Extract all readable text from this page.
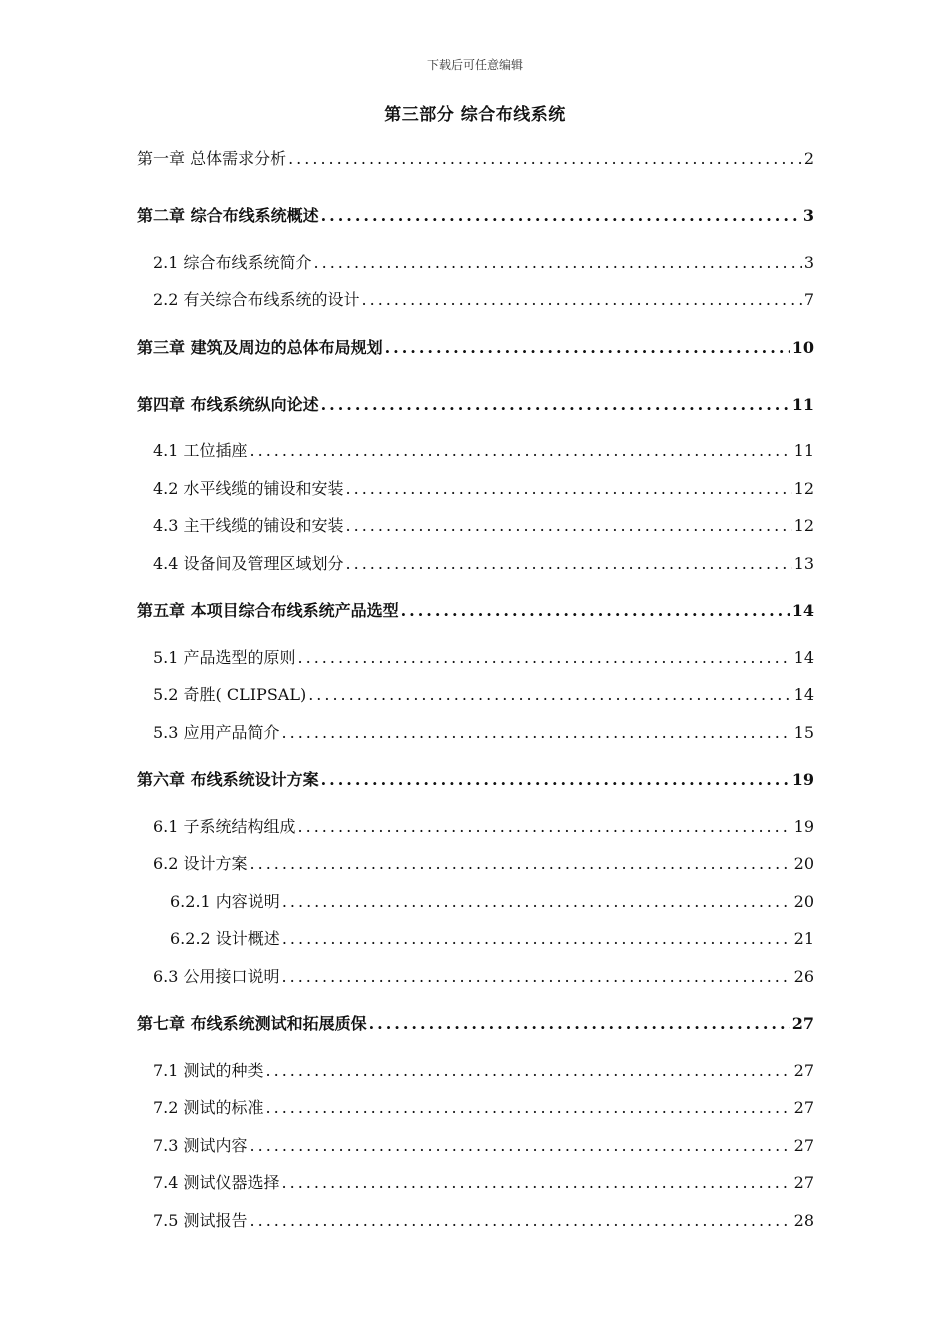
下载后可任意编辑
第三部分 综合布线系统
第一章 总体需求分析 .....	2
第二章 综合布线系统概述 .....	3
2.1 综合布线系统简介 .....	3
2.2 有关综合布线系统的设计 .....	7
第三章 建筑及周边的总体布局规划 .....	10
第四章 布线系统纵向论述 .....	11
4.1 工位插座 .....	11
4.2 水平线缆的铺设和安装 .....	12
4.3 主干线缆的铺设和安装 .....	12
4.4 设备间及管理区域划分 .....	13
第五章 本项目综合布线系统产品选型 .....	14
5.1 产品选型的原则 .....	14
5.2 奇胜( CLIPSAL) .....	14
5.3 应用产品简介 .....	15
第六章 布线系统设计方案 .....	19
6.1 子系统结构组成 .....	19
6.2 设计方案 .....	20
6.2.1 内容说明 .....	20
6.2.2 设计概述 .....	21
6.3 公用接口说明 .....	26
第七章 布线系统测试和拓展质保 .....	27
7.1 测试的种类 .....	27
7.2 测试的标准 .....	27
7.3 测试内容 .....	27
7.4 测试仪器选择 .....	27
7.5 测试报告 .....	28
